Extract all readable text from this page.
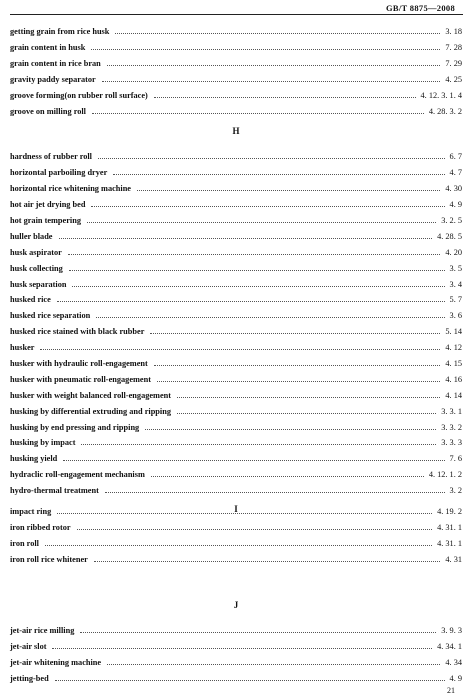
GB/T 8875—2008
getting grain from rice husk	3. 18
grain content in husk	7. 28
grain content in rice bran	7. 29
gravity paddy separator	4. 25
groove forming(on rubber roll surface)	4. 12. 3. 1. 4
groove on milling roll	4. 28. 3. 2
H
hardness of rubber roll	6. 7
horizontal parboiling dryer	4. 7
horizontal rice whitening machine	4. 30
hot air jet drying bed	4. 9
hot grain tempering	3. 2. 5
huller blade	4. 28. 5
husk aspirator	4. 20
husk collecting	3. 5
husk separation	3. 4
husked rice	5. 7
husked rice separation	3. 6
husked rice stained with black rubber	5. 14
husker	4. 12
husker with hydraulic roll-engagement	4. 15
husker with pneumatic roll-engagement	4. 16
husker with weight balanced roll-engagement	4. 14
husking by differential extruding and ripping	3. 3. 1
husking by end pressing and ripping	3. 3. 2
husking by impact	3. 3. 3
husking yield	7. 6
hydraclic roll-engagement mechanism	4. 12. 1. 2
hydro-thermal treatment	3. 2
I
impact ring	4. 19. 2
iron ribbed rotor	4. 31. 1
iron roll	4. 31. 1
iron roll rice whitener	4. 31
J
jet-air rice milling	3. 9. 3
jet-air slot	4. 34. 1
jet-air whitening machine	4. 34
jetting-bed	4. 9
21
